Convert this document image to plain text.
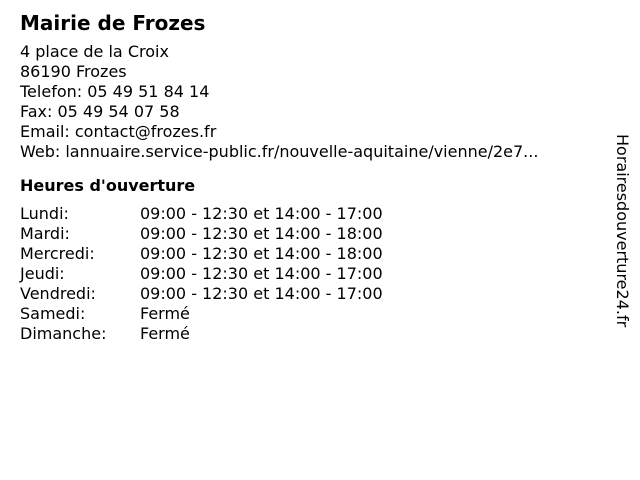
Mairie de Frozes
4 place de la Croix
86190 Frozes
Telefon: 05 49 51 84 14
Fax: 05 49 54 07 58
Email: contact@frozes.fr
Web: lannuaire.service-public.fr/nouvelle-aquitaine/vienne/2e7...
Heures d'ouverture
Lundi:	09:00 - 12:30 et 14:00 - 17:00
Mardi:	09:00 - 12:30 et 14:00 - 18:00
Mercredi:	09:00 - 12:30 et 14:00 - 18:00
Jeudi:	09:00 - 12:30 et 14:00 - 17:00
Vendredi:	09:00 - 12:30 et 14:00 - 17:00
Samedi:	Fermé
Dimanche:	Fermé
Horairesdouverture24.fr
